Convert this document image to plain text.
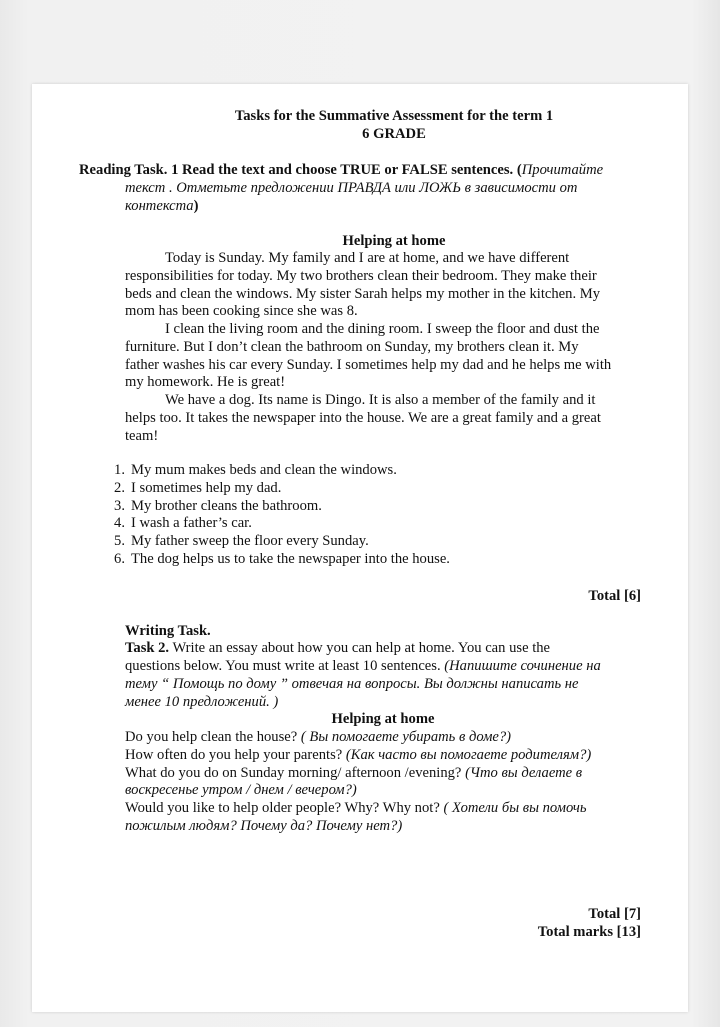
Tasks for the Summative Assessment for the term 1
6 GRADE
Reading Task. 1 Read the text and choose TRUE or FALSE sentences. (Прочитайте
текст . Отметьте предложении ПРАВДА или ЛОЖЬ в зависимости от
контекста)
Helping at home
Today is Sunday. My family and I are at home, and we have different
responsibilities for today. My two brothers clean their bedroom. They make their
beds and clean the windows. My sister Sarah helps my mother in the kitchen. My
mom has been cooking since she was 8.
I clean the living room and the dining room. I sweep the floor and dust the
furniture. But I don’t clean the bathroom on Sunday, my brothers clean it. My
father washes his car every Sunday. I sometimes help my dad and he helps me with
my homework. He is great!
We have a dog. Its name is Dingo. It is also a member of the family and it
helps too. It takes the newspaper into the house. We are a great family and a great
team!
1. My mum makes beds and clean the windows.
2. I sometimes help my dad.
3. My brother cleans the bathroom.
4. I wash a father’s car.
5. My father sweep the floor every Sunday.
6. The dog helps us to take the newspaper into the house.
Total [6]
Writing Task.
Task 2. Write an essay about how you can help at home. You can use the
questions below. You must write at least 10 sentences. (Напишите сочинение на
тему “ Помощь по дому ” отвечая на вопросы. Вы должны написать не
менее 10 предложений. )
Helping at home
Do you help clean the house? ( Вы помогаете убирать в доме?)
How often do you help your parents? (Как часто вы помогаете родителям?)
What do you do on Sunday morning/ afternoon /evening? (Что вы делаете в
воскресенье утром / днем / вечером?)
Would you like to help older people? Why? Why not? ( Хотели бы вы помочь
пожилым людям? Почему да? Почему нет?)
Total [7]
Total marks [13]
